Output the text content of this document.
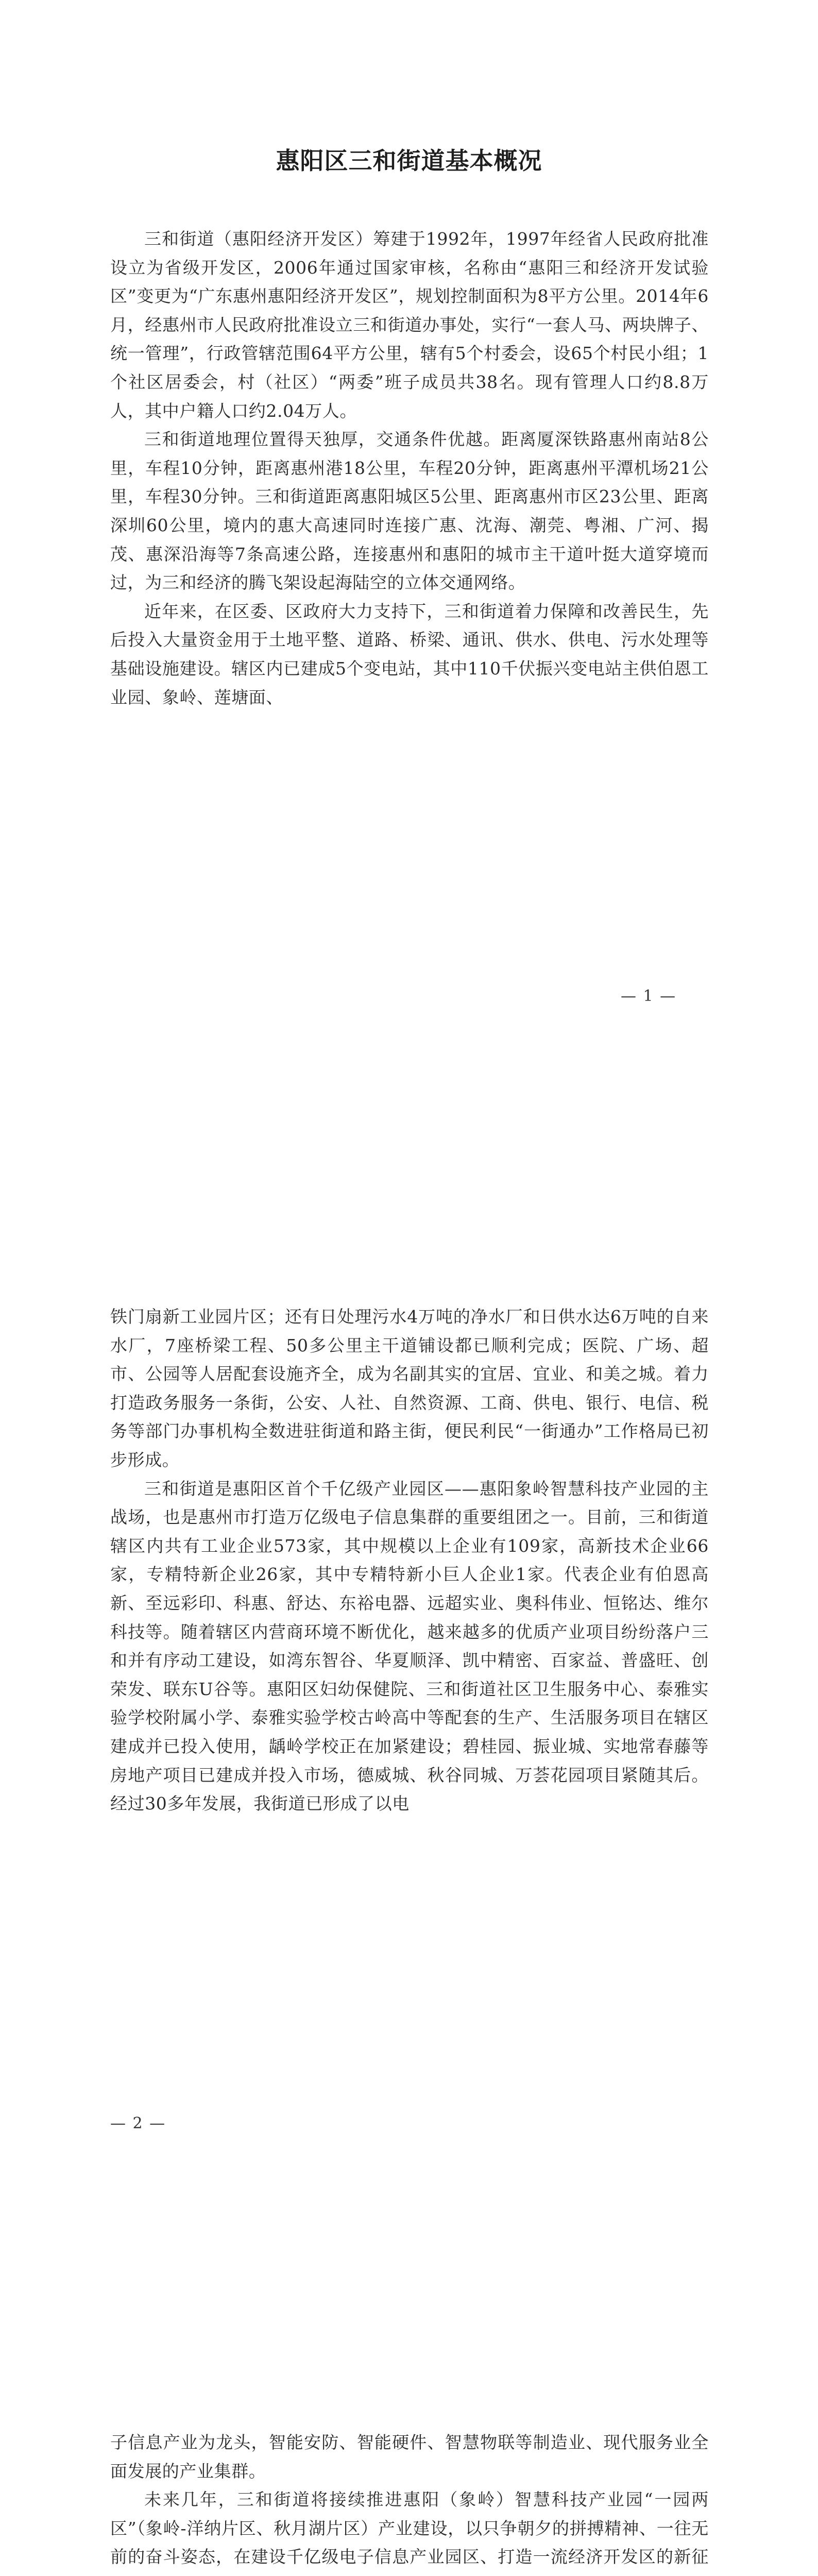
惠阳区三和街道基本概况

三和街道（惠阳经济开发区）筹建于1992年，1997年经省人民政府批准设立为省级开发区，2006年通过国家审核，名称由“惠阳三和经济开发试验区”变更为“广东惠州惠阳经济开发区”，规划控制面积为8平方公里。2014年6月，经惠州市人民政府批准设立三和街道办事处，实行“一套人马、两块牌子、统一管理”，行政管辖范围64平方公里，辖有5个村委会，设65个村民小组；1个社区居委会，村（社区）“两委”班子成员共38名。现有管理人口约8.8万人，其中户籍人口约2.04万人。

三和街道地理位置得天独厚，交通条件优越。距离厦深铁路惠州南站8公里，车程10分钟，距离惠州港18公里，车程20分钟，距离惠州平潭机场21公里，车程30分钟。三和街道距离惠阳城区5公里、距离惠州市区23公里、距离深圳60公里，境内的惠大高速同时连接广惠、沈海、潮莞、粤湘、广河、揭茂、惠深沿海等7条高速公路，连接惠州和惠阳的城市主干道叶挺大道穿境而过，为三和经济的腾飞架设起海陆空的立体交通网络。

近年来，在区委、区政府大力支持下，三和街道着力保障和改善民生，先后投入大量资金用于土地平整、道路、桥梁、通讯、供水、供电、污水处理等基础设施建设。辖区内已建成5个变电站，其中110千伏振兴变电站主供伯恩工业园、象岭、莲塘面、

— 1 —

铁门扇新工业园片区；还有日处理污水4万吨的净水厂和日供水达6万吨的自来水厂，7座桥梁工程、50多公里主干道铺设都已顺利完成；医院、广场、超市、公园等人居配套设施齐全，成为名副其实的宜居、宜业、和美之城。着力打造政务服务一条街，公安、人社、自然资源、工商、供电、银行、电信、税务等部门办事机构全数进驻街道和路主街，便民利民“一街通办”工作格局已初步形成。

三和街道是惠阳区首个千亿级产业园区——惠阳象岭智慧科技产业园的主战场，也是惠州市打造万亿级电子信息集群的重要组团之一。目前，三和街道辖区内共有工业企业573家，其中规模以上企业有109家，高新技术企业66家，专精特新企业26家，其中专精特新小巨人企业1家。代表企业有伯恩高新、至远彩印、科惠、舒达、东裕电器、远超实业、奥科伟业、恒铭达、维尔科技等。随着辖区内营商环境不断优化，越来越多的优质产业项目纷纷落户三和并有序动工建设，如湾东智谷、华夏顺泽、凯中精密、百家益、普盛旺、创荣发、联东U谷等。惠阳区妇幼保健院、三和街道社区卫生服务中心、泰雅实验学校附属小学、泰雅实验学校古岭高中等配套的生产、生活服务项目在辖区建成并已投入使用，龋岭学校正在加紧建设；碧桂园、振业城、实地常春藤等房地产项目已建成并投入市场，德威城、秋谷同城、万荟花园项目紧随其后。经过30多年发展，我街道已形成了以电

— 2 —

子信息产业为龙头，智能安防、智能硬件、智慧物联等制造业、现代服务业全面发展的产业集群。

未来几年，三和街道将接续推进惠阳（象岭）智慧科技产业园“一园两区”（象岭-洋纳片区、秋月湖片区）产业建设，以只争朝夕的拼搏精神、一往无前的奋斗姿态，在建设千亿级电子信息产业园区、打造一流经济开发区的新征
